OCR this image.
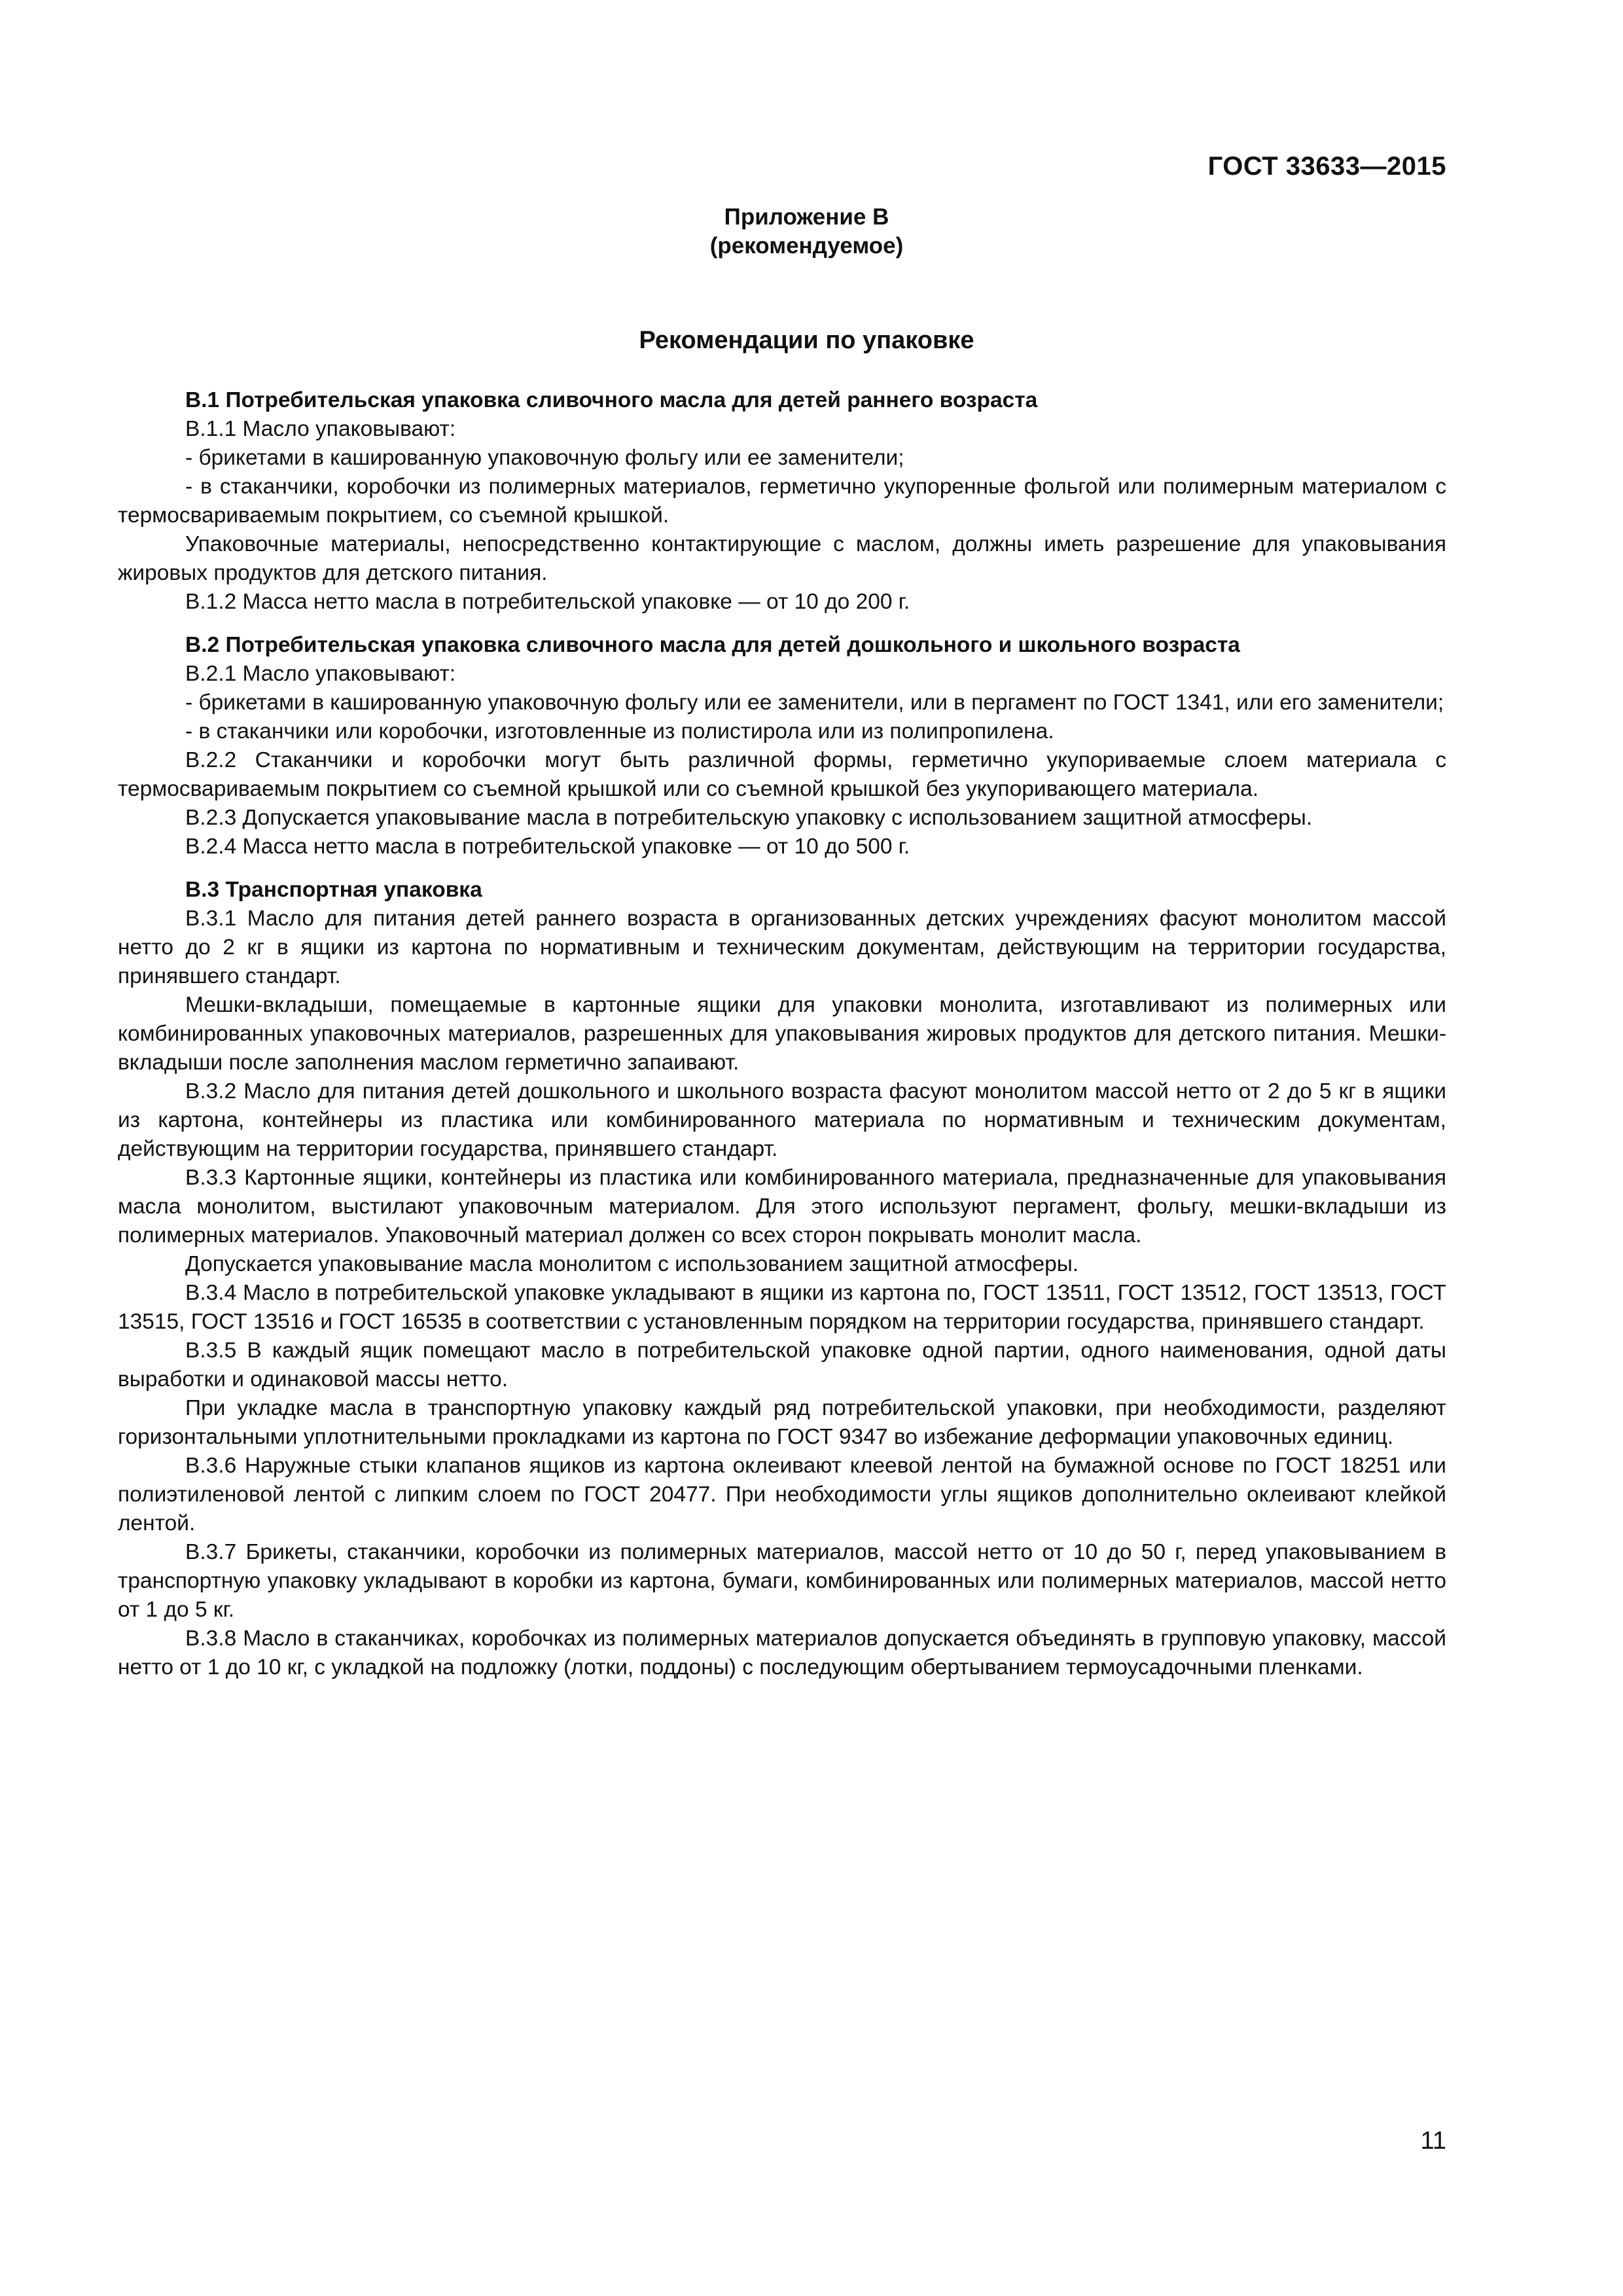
ГОСТ 33633—2015
Приложение В
(рекомендуемое)
Рекомендации по упаковке

В.1 Потребительская упаковка сливочного масла для детей раннего возраста

В.1.1 Масло упаковывают:

- брикетами в кашированную упаковочную фольгу или ее заменители;

- в стаканчики, коробочки из полимерных материалов, герметично укупоренные фольгой или полимерным материалом с термосвариваемым покрытием, со съемной крышкой.

Упаковочные материалы, непосредственно контактирующие с маслом, должны иметь разрешение для упаковывания жировых продуктов для детского питания.

В.1.2 Масса нетто масла в потребительской упаковке — от 10 до 200 г.

В.2 Потребительская упаковка сливочного масла для детей дошкольного и школьного возраста

В.2.1 Масло упаковывают:

- брикетами в кашированную упаковочную фольгу или ее заменители, или в пергамент по ГОСТ 1341, или его заменители;

- в стаканчики или коробочки, изготовленные из полистирола или из полипропилена.

В.2.2 Стаканчики и коробочки могут быть различной формы, герметично укупориваемые слоем материала с термосвариваемым покрытием со съемной крышкой или со съемной крышкой без укупоривающего материала.

В.2.3 Допускается упаковывание масла в потребительскую упаковку с использованием защитной атмосферы.

В.2.4 Масса нетто масла в потребительской упаковке — от 10 до 500 г.

В.3 Транспортная упаковка

В.3.1 Масло для питания детей раннего возраста в организованных детских учреждениях фасуют монолитом массой нетто до 2 кг в ящики из картона по нормативным и техническим документам, действующим на территории государства, принявшего стандарт.

Мешки-вкладыши, помещаемые в картонные ящики для упаковки монолита, изготавливают из полимерных или комбинированных упаковочных материалов, разрешенных для упаковывания жировых продуктов для детского питания. Мешки-вкладыши после заполнения маслом герметично запаивают.

В.3.2 Масло для питания детей дошкольного и школьного возраста фасуют монолитом массой нетто от 2 до 5 кг в ящики из картона, контейнеры из пластика или комбинированного материала по нормативным и техническим документам, действующим на территории государства, принявшего стандарт.

В.3.3 Картонные ящики, контейнеры из пластика или комбинированного материала, предназначенные для упаковывания масла монолитом, выстилают упаковочным материалом. Для этого используют пергамент, фольгу, мешки-вкладыши из полимерных материалов. Упаковочный материал должен со всех сторон покрывать монолит масла.

Допускается упаковывание масла монолитом с использованием защитной атмосферы.

В.3.4 Масло в потребительской упаковке укладывают в ящики из картона по, ГОСТ 13511, ГОСТ 13512, ГОСТ 13513, ГОСТ 13515, ГОСТ 13516 и ГОСТ 16535 в соответствии с установленным порядком на территории государства, принявшего стандарт.

В.3.5 В каждый ящик помещают масло в потребительской упаковке одной партии, одного наименования, одной даты выработки и одинаковой массы нетто.

При укладке масла в транспортную упаковку каждый ряд потребительской упаковки, при необходимости, разделяют горизонтальными уплотнительными прокладками из картона по ГОСТ 9347 во избежание деформации упаковочных единиц.

В.3.6 Наружные стыки клапанов ящиков из картона оклеивают клеевой лентой на бумажной основе по ГОСТ 18251 или полиэтиленовой лентой с липким слоем по ГОСТ 20477. При необходимости углы ящиков дополнительно оклеивают клейкой лентой.

В.3.7 Брикеты, стаканчики, коробочки из полимерных материалов, массой нетто от 10 до 50 г, перед упаковыванием в транспортную упаковку укладывают в коробки из картона, бумаги, комбинированных или полимерных материалов, массой нетто от 1 до 5 кг.

В.3.8 Масло в стаканчиках, коробочках из полимерных материалов допускается объединять в групповую упаковку, массой нетто от 1 до 10 кг, с укладкой на подложку (лотки, поддоны) с последующим обертыванием термоусадочными пленками.

11
